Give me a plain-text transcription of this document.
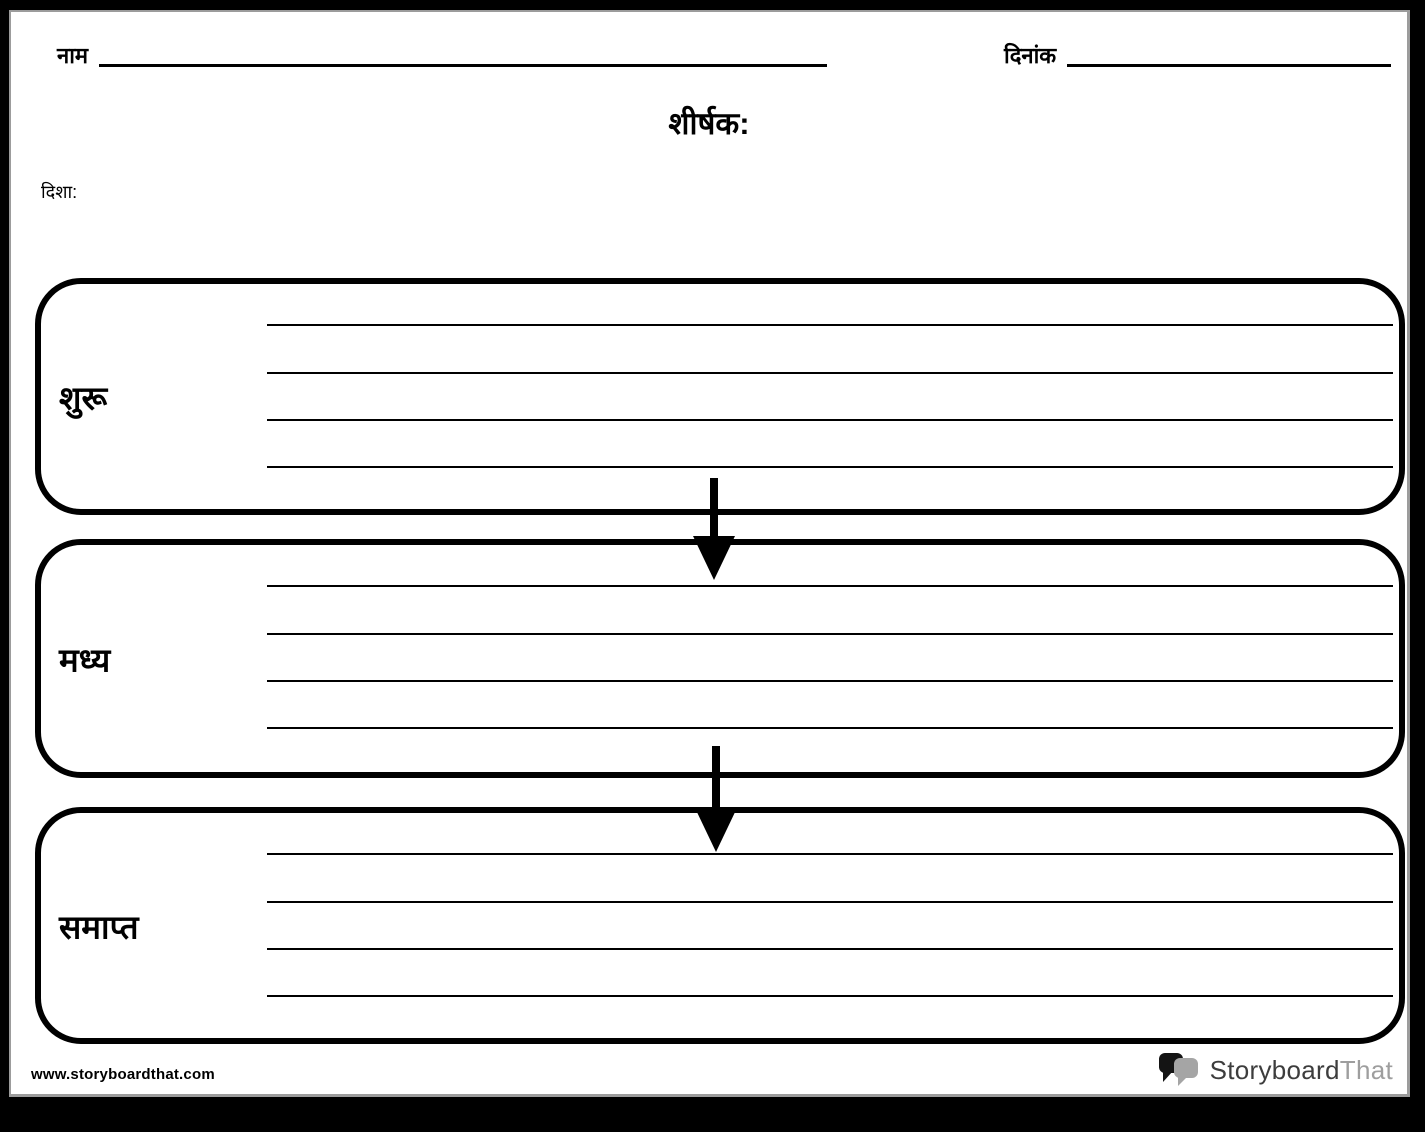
नाम	दिनांक
शीर्षक:
दिशा:
शुरू
मध्य
समाप्त
www.storyboardthat.com	StoryboardThat
